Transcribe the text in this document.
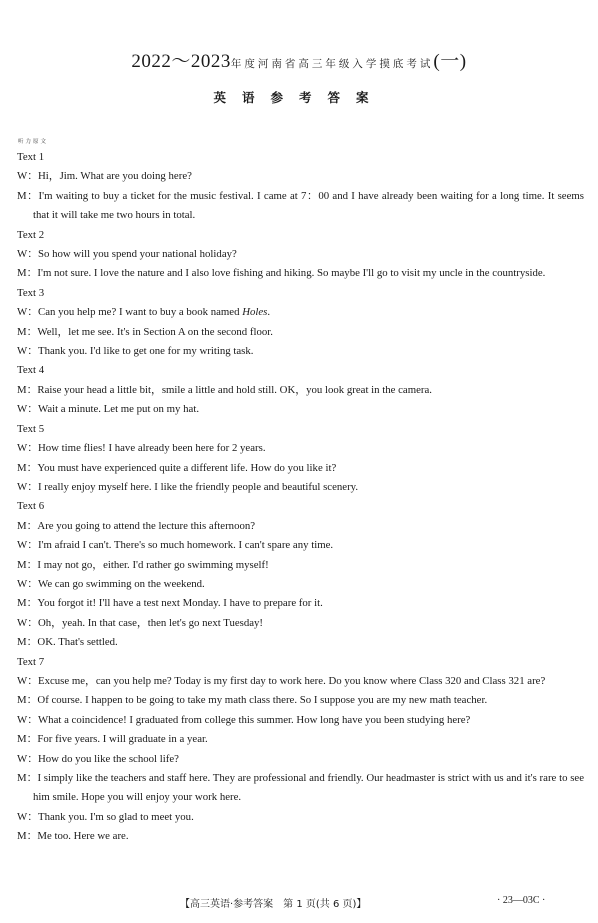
2022～2023年度河南省高三年级入学摸底考试(一)
英语参考答案
听力原文
Text 1
W：Hi，Jim. What are you doing here?
M：I'm waiting to buy a ticket for the music festival. I came at 7：00 and I have already been waiting for a long time. It seems that it will take me two hours in total.
Text 2
W：So how will you spend your national holiday?
M：I'm not sure. I love the nature and I also love fishing and hiking. So maybe I'll go to visit my uncle in the countryside.
Text 3
W：Can you help me? I want to buy a book named Holes.
M：Well，let me see. It's in Section A on the second floor.
W：Thank you. I'd like to get one for my writing task.
Text 4
M：Raise your head a little bit，smile a little and hold still. OK，you look great in the camera.
W：Wait a minute. Let me put on my hat.
Text 5
W：How time flies! I have already been here for 2 years.
M：You must have experienced quite a different life. How do you like it?
W：I really enjoy myself here. I like the friendly people and beautiful scenery.
Text 6
M：Are you going to attend the lecture this afternoon?
W：I'm afraid I can't. There's so much homework. I can't spare any time.
M：I may not go，either. I'd rather go swimming myself!
W：We can go swimming on the weekend.
M：You forgot it! I'll have a test next Monday. I have to prepare for it.
W：Oh，yeah. In that case，then let's go next Tuesday!
M：OK. That's settled.
Text 7
W：Excuse me，can you help me? Today is my first day to work here. Do you know where Class 320 and Class 321 are?
M：Of course. I happen to be going to take my math class there. So I suppose you are my new math teacher.
W：What a coincidence! I graduated from college this summer. How long have you been studying here?
M：For five years. I will graduate in a year.
W：How do you like the school life?
M：I simply like the teachers and staff here. They are professional and friendly. Our headmaster is strict with us and it's rare to see him smile. Hope you will enjoy your work here.
W：Thank you. I'm so glad to meet you.
M：Me too. Here we are.
【高三英语·参考答案　第 1 页(共 6 页)】	· 23—03C ·
